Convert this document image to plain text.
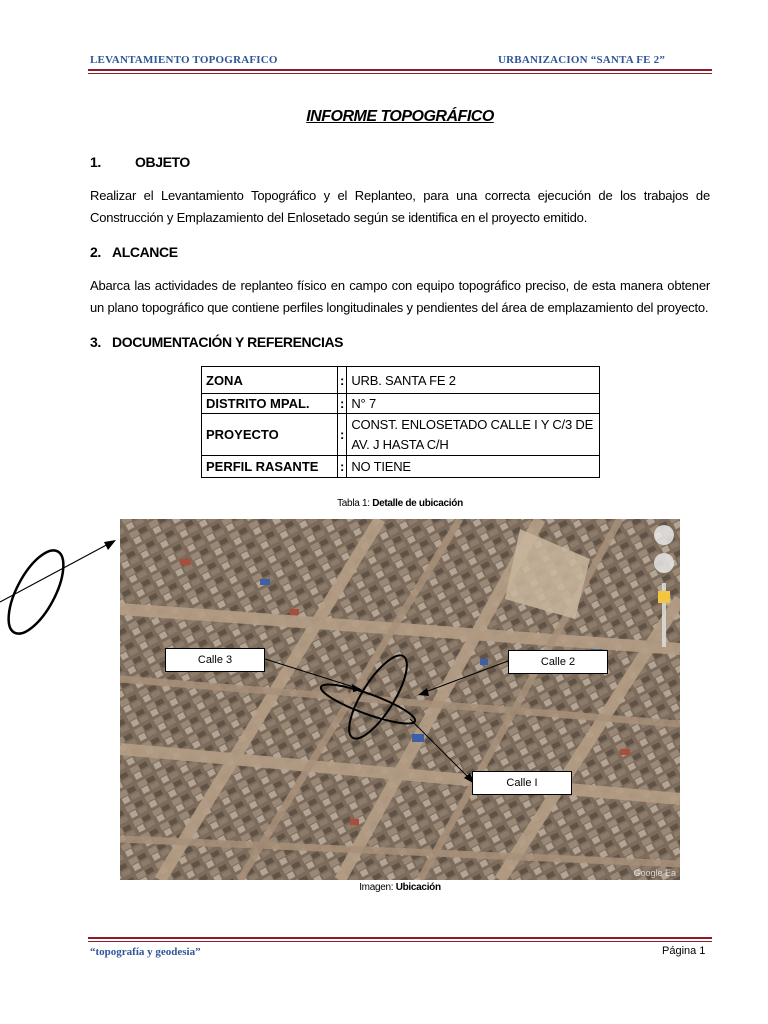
LEVANTAMIENTO TOPOGRAFICO	URBANIZACION “SANTA FE 2”
INFORME TOPOGRÁFICO
1. OBJETO
Realizar el Levantamiento Topográfico y el Replanteo, para una correcta ejecución de los trabajos de Construcción y Emplazamiento del Enlosetado según se identifica en el proyecto emitido.
2. ALCANCE
Abarca las actividades de replanteo físico en campo con equipo topográfico preciso, de esta manera obtener un plano topográfico que contiene perfiles longitudinales y pendientes del área de emplazamiento del proyecto.
3. DOCUMENTACIÓN Y REFERENCIAS
ZONA	:	URB. SANTA FE 2
DISTRITO MPAL.	:	N° 7
PROYECTO	:	CONST. ENLOSETADO CALLE I Y C/3 DE AV. J HASTA C/H
PERFIL RASANTE	:	NO TIENE
Tabla 1: Detalle de ubicación
Calle 3	Calle 2
Calle I
Google Ea
Imagen: Ubicación
“topografía y geodesia”	Página 1
